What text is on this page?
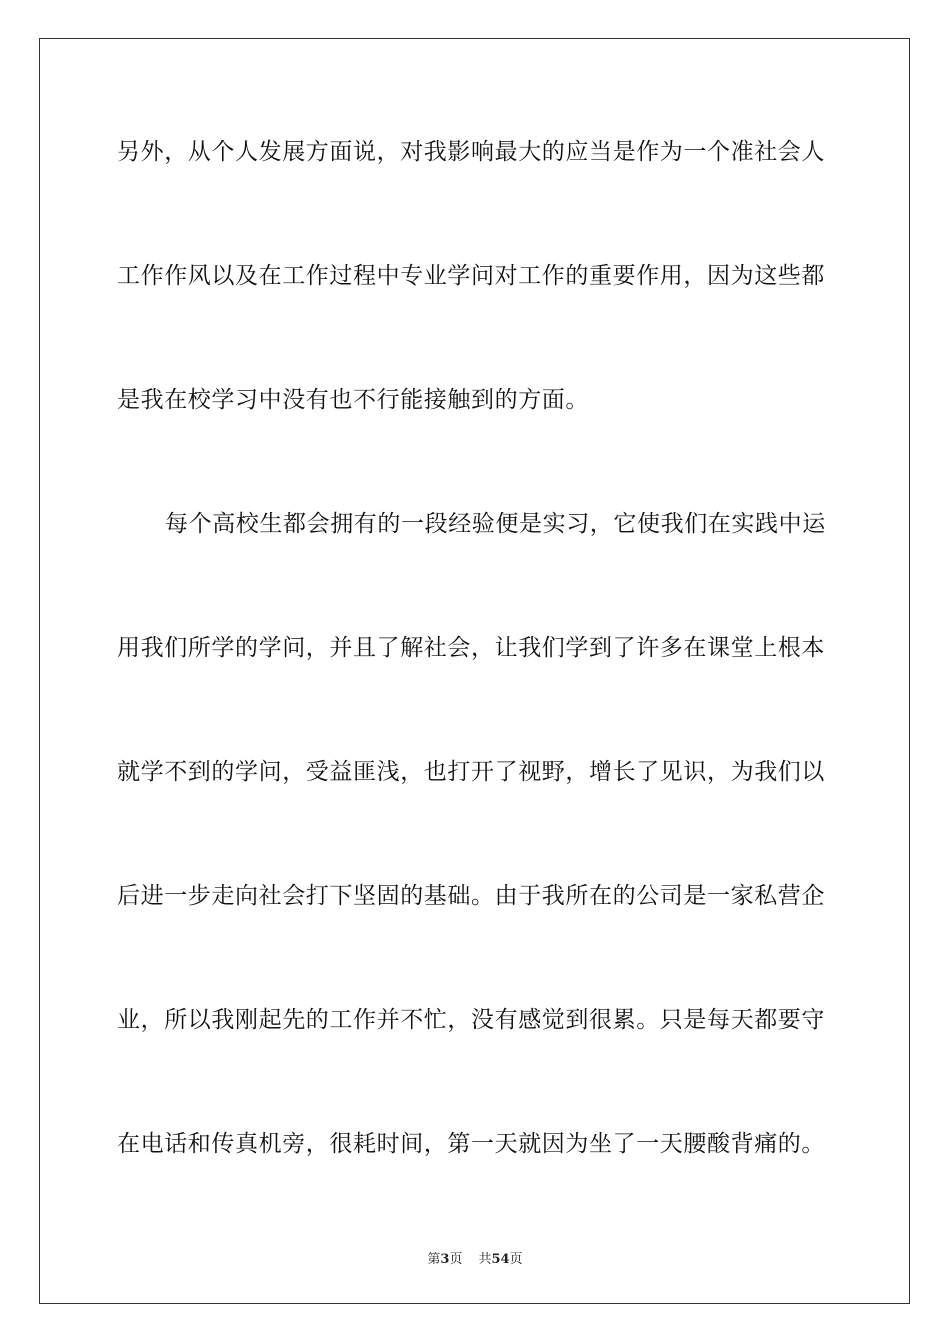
另外，从个人发展方面说，对我影响最大的应当是作为一个准社会人
工作作风以及在工作过程中专业学问对工作的重要作用，因为这些都
是我在校学习中没有也不行能接触到的方面。
每个高校生都会拥有的一段经验便是实习，它使我们在实践中运
用我们所学的学问，并且了解社会，让我们学到了许多在课堂上根本
就学不到的学问，受益匪浅，也打开了视野，增长了见识，为我们以
后进一步走向社会打下坚固的基础。由于我所在的公司是一家私营企
业，所以我刚起先的工作并不忙，没有感觉到很累。只是每天都要守
在电话和传真机旁，很耗时间，第一天就因为坐了一天腰酸背痛的。
第3页 共54页
